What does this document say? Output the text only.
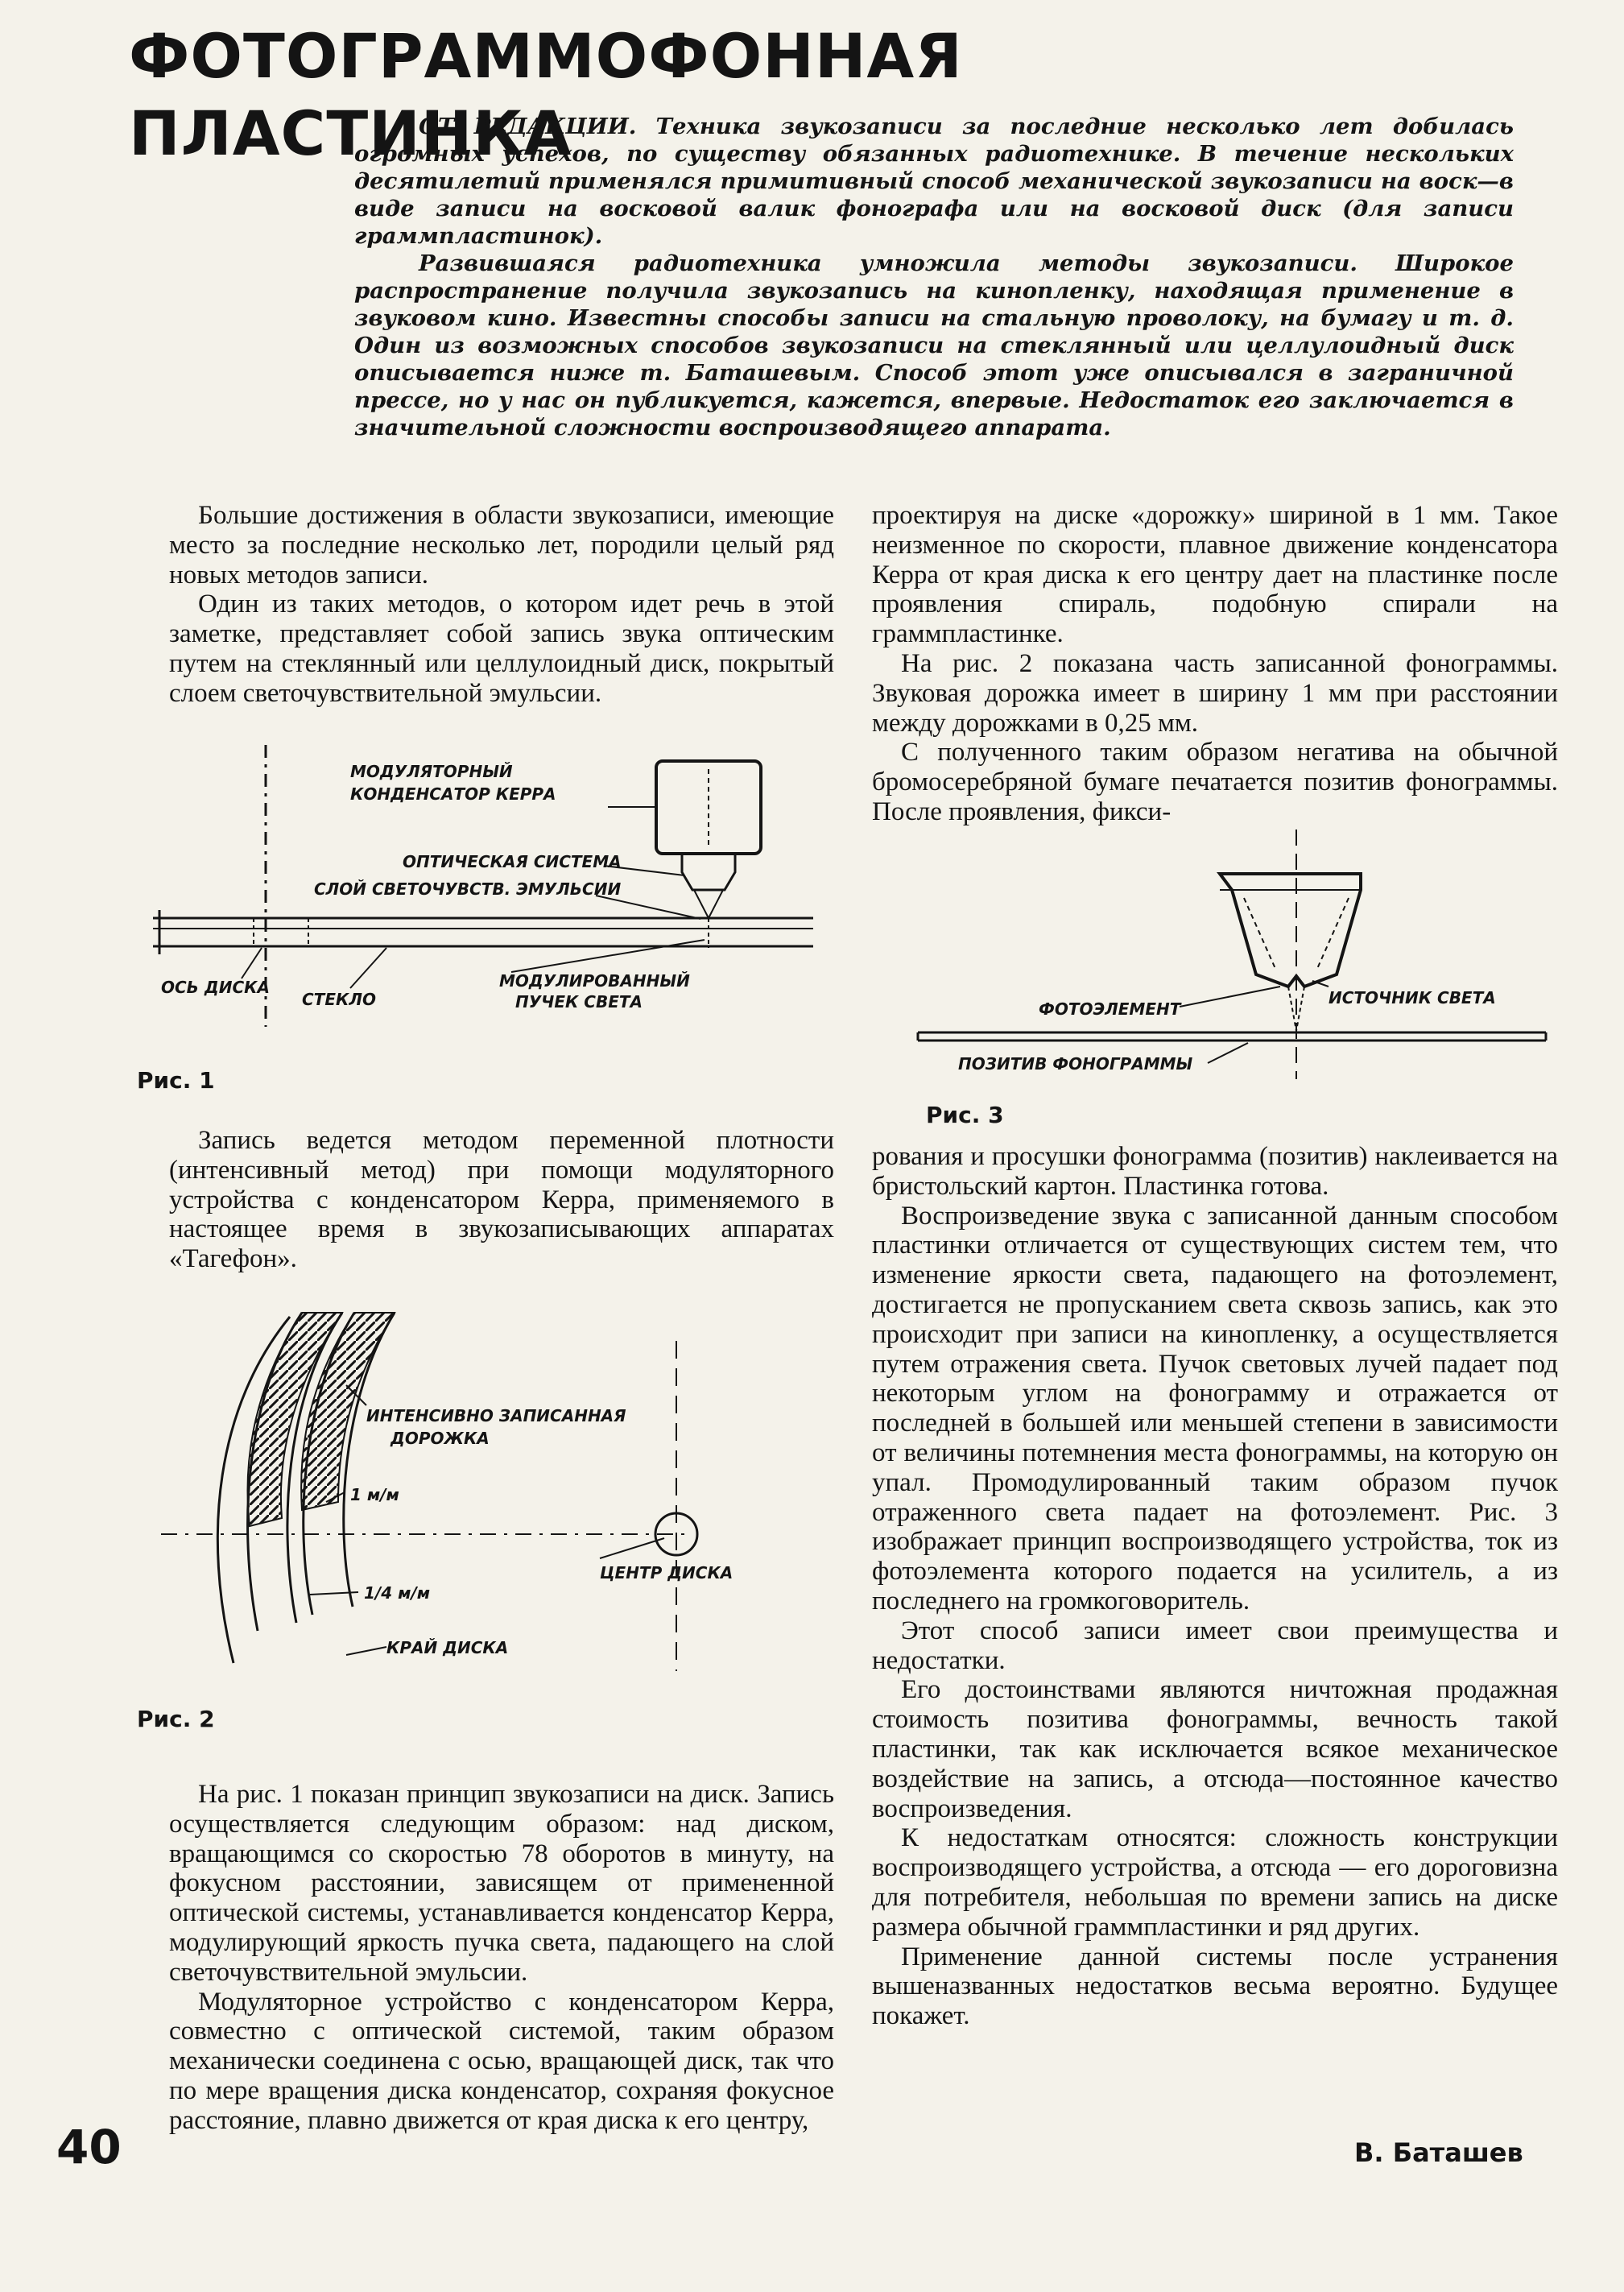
ФОТОГРАММОФОННАЯ ПЛАСТИНКА

ОТ РЕДАКЦИИ. Техника звукозаписи за последние несколько лет добилась огромных успехов, по существу обязанных радиотехнике. В течение нескольких десятилетий применялся примитивный способ механической звукозаписи на воск—в виде записи на восковой валик фонографа или на восковой диск (для записи граммпластинок).

Развившаяся радиотехника умножила методы звукозаписи. Широкое распространение получила звукозапись на кинопленку, находящая применение в звуковом кино. Известны способы записи на стальную проволоку, на бумагу и т. д. Один из возможных способов звукозаписи на стеклянный или целлулоидный диск описывается ниже т. Баташевым. Способ этот уже описывался в заграничной прессе, но у нас он публикуется, кажется, впервые. Недостаток его заключается в значительной сложности воспроизводящего аппарата.

Большие достижения в области звукозаписи, имеющие место за последние несколько лет, породили целый ряд новых методов записи.

Один из таких методов, о котором идет речь в этой заметке, представляет собой запись звука оптическим путем на стеклянный или целлулоидный диск, покрытый слоем светочувствительной эмульсии.

МОДУЛЯТОРНЫЙ
КОНДЕНСАТОР КЕРРА
ОПТИЧЕСКАЯ СИСТЕМА
СЛОЙ СВЕТОЧУВСТВ. ЭМУЛЬСИИ
ОСЬ ДИСКА
СТЕКЛО
МОДУЛИРОВАННЫЙ
ПУЧЕК СВЕТА
Рис. 1

Запись ведется методом переменной плотности (интенсивный метод) при помощи модуляторного устройства с конденсатором Керра, применяемого в настоящее время в звукозаписывающих аппаратах «Тагефон».

ИНТЕНСИВНО ЗАПИСАННАЯ
ДОРОЖКА
1 м/м
1/4 м/м
ЦЕНТР ДИСКА
КРАЙ ДИСКА
Рис. 2

На рис. 1 показан принцип звукозаписи на диск. Запись осуществляется следующим образом: над диском, вращающимся со скоростью 78 оборотов в минуту, на фокусном расстоянии, зависящем от примененной оптической системы, устанавливается конденсатор Керра, модулирующий яркость пучка света, падающего на слой светочувствительной эмульсии.

Модуляторное устройство с конденсатором Керра, совместно с оптической системой, таким образом механически соединена с осью, вращающей диск, так что по мере вращения диска конденсатор, сохраняя фокусное расстояние, плавно движется от края диска к его центру,

проектируя на диске «дорожку» шириной в 1 мм. Такое неизменное по скорости, плавное движение конденсатора Керра от края диска к его центру дает на пластинке после проявления спираль, подобную спирали на граммпластинке.

На рис. 2 показана часть записанной фонограммы. Звуковая дорожка имеет в ширину 1 мм при расстоянии между дорожками в 0,25 мм.

С полученного таким образом негатива на обычной бромосеребряной бумаге печатается позитив фонограммы. После проявления, фикси-

ФОТОЭЛЕМЕНТ
ИСТОЧНИК СВЕТА
ПОЗИТИВ ФОНОГРАММЫ
Рис. 3

рования и просушки фонограмма (позитив) наклеивается на бристольский картон. Пластинка готова.

Воспроизведение звука с записанной данным способом пластинки отличается от существующих систем тем, что изменение яркости света, падающего на фотоэлемент, достигается не пропусканием света сквозь запись, как это происходит при записи на кинопленку, а осуществляется путем отражения света. Пучок световых лучей падает под некоторым углом на фонограмму и отражается от последней в большей или меньшей степени в зависимости от величины потемнения места фонограммы, на которую он упал. Промодулированный таким образом пучок отраженного света падает на фотоэлемент. Рис. 3 изображает принцип воспроизводящего устройства, ток из фотоэлемента которого подается на усилитель, а из последнего на громкоговоритель.

Этот способ записи имеет свои преимущества и недостатки.

Его достоинствами являются ничтожная продажная стоимость позитива фонограммы, вечность такой пластинки, так как исключается всякое механическое воздействие на запись, а отсюда—постоянное качество воспроизведения.

К недостаткам относятся: сложность конструкции воспроизводящего устройства, а отсюда — его дороговизна для потребителя, небольшая по времени запись на диске размера обычной граммпластинки и ряд других.

Применение данной системы после устранения вышеназванных недостатков весьма вероятно. Будущее покажет.

40	В. Баташев
